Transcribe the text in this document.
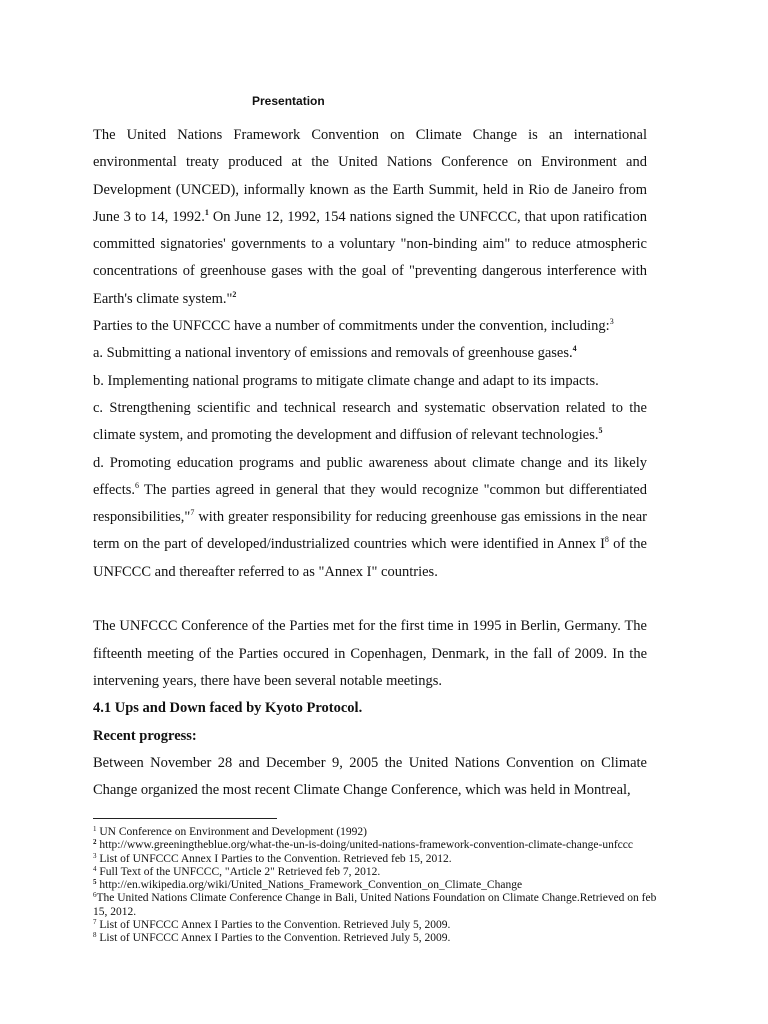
Presentation

The United Nations Framework Convention on Climate Change is an international environmental treaty produced at the United Nations Conference on Environment and Development (UNCED), informally known as the Earth Summit, held in Rio de Janeiro from June 3 to 14, 1992.$^1$ On June 12, 1992, 154 nations signed the UNFCCC, that upon ratification committed signatories' governments to a voluntary "non-binding aim" to reduce atmospheric concentrations of greenhouse gases with the goal of "preventing dangerous interference with Earth's climate system."$^2$

Parties to the UNFCCC have a number of commitments under the convention, including:$^3$

a. Submitting a national inventory of emissions and removals of greenhouse gases.$^4$

b. Implementing national programs to mitigate climate change and adapt to its impacts.

c. Strengthening scientific and technical research and systematic observation related to the climate system, and promoting the development and diffusion of relevant technologies.$^5$

d. Promoting education programs and public awareness about climate change and its likely effects.$^6$ The parties agreed in general that they would recognize "common but differentiated responsibilities,"$^7$ with greater responsibility for reducing greenhouse gas emissions in the near term on the part of developed/industrialized countries which were identified in Annex $I^8$ of the UNFCCC and thereafter referred to as "Annex I" countries.

The UNFCCC Conference of the Parties met for the first time in 1995 in Berlin, Germany. The fifteenth meeting of the Parties occured in Copenhagen, Denmark, in the fall of 2009. In the intervening years, there have been several notable meetings.

4.1 Ups and Down faced by Kyoto Protocol.

Recent progress:

Between November 28 and December 9, 2005 the United Nations Convention on Climate Change organized the most recent Climate Change Conference, which was held in Montreal,

$^1$ UN Conference on Environment and Development (1992)

$^2$ http://www.greeningtheblue.org/what-the-un-is-doing/united-nations-framework-convention-climate-change-unfccc

$^3$ List of UNFCCC Annex I Parties to the Convention. Retrieved feb 15, 2012.

$^4$ Full Text of the UNFCCC, "Article 2" Retrieved feb 7, 2012.

$^5$ http://en.wikipedia.org/wiki/United_Nations_Framework_Convention_on_Climate_Change

$^6$The United Nations Climate Conference Change in Bali, United Nations Foundation on Climate Change.Retrieved on feb 15, 2012.

$^7$ List of UNFCCC Annex I Parties to the Convention. Retrieved July 5, 2009.

$^8$ List of UNFCCC Annex I Parties to the Convention. Retrieved July 5, 2009.
